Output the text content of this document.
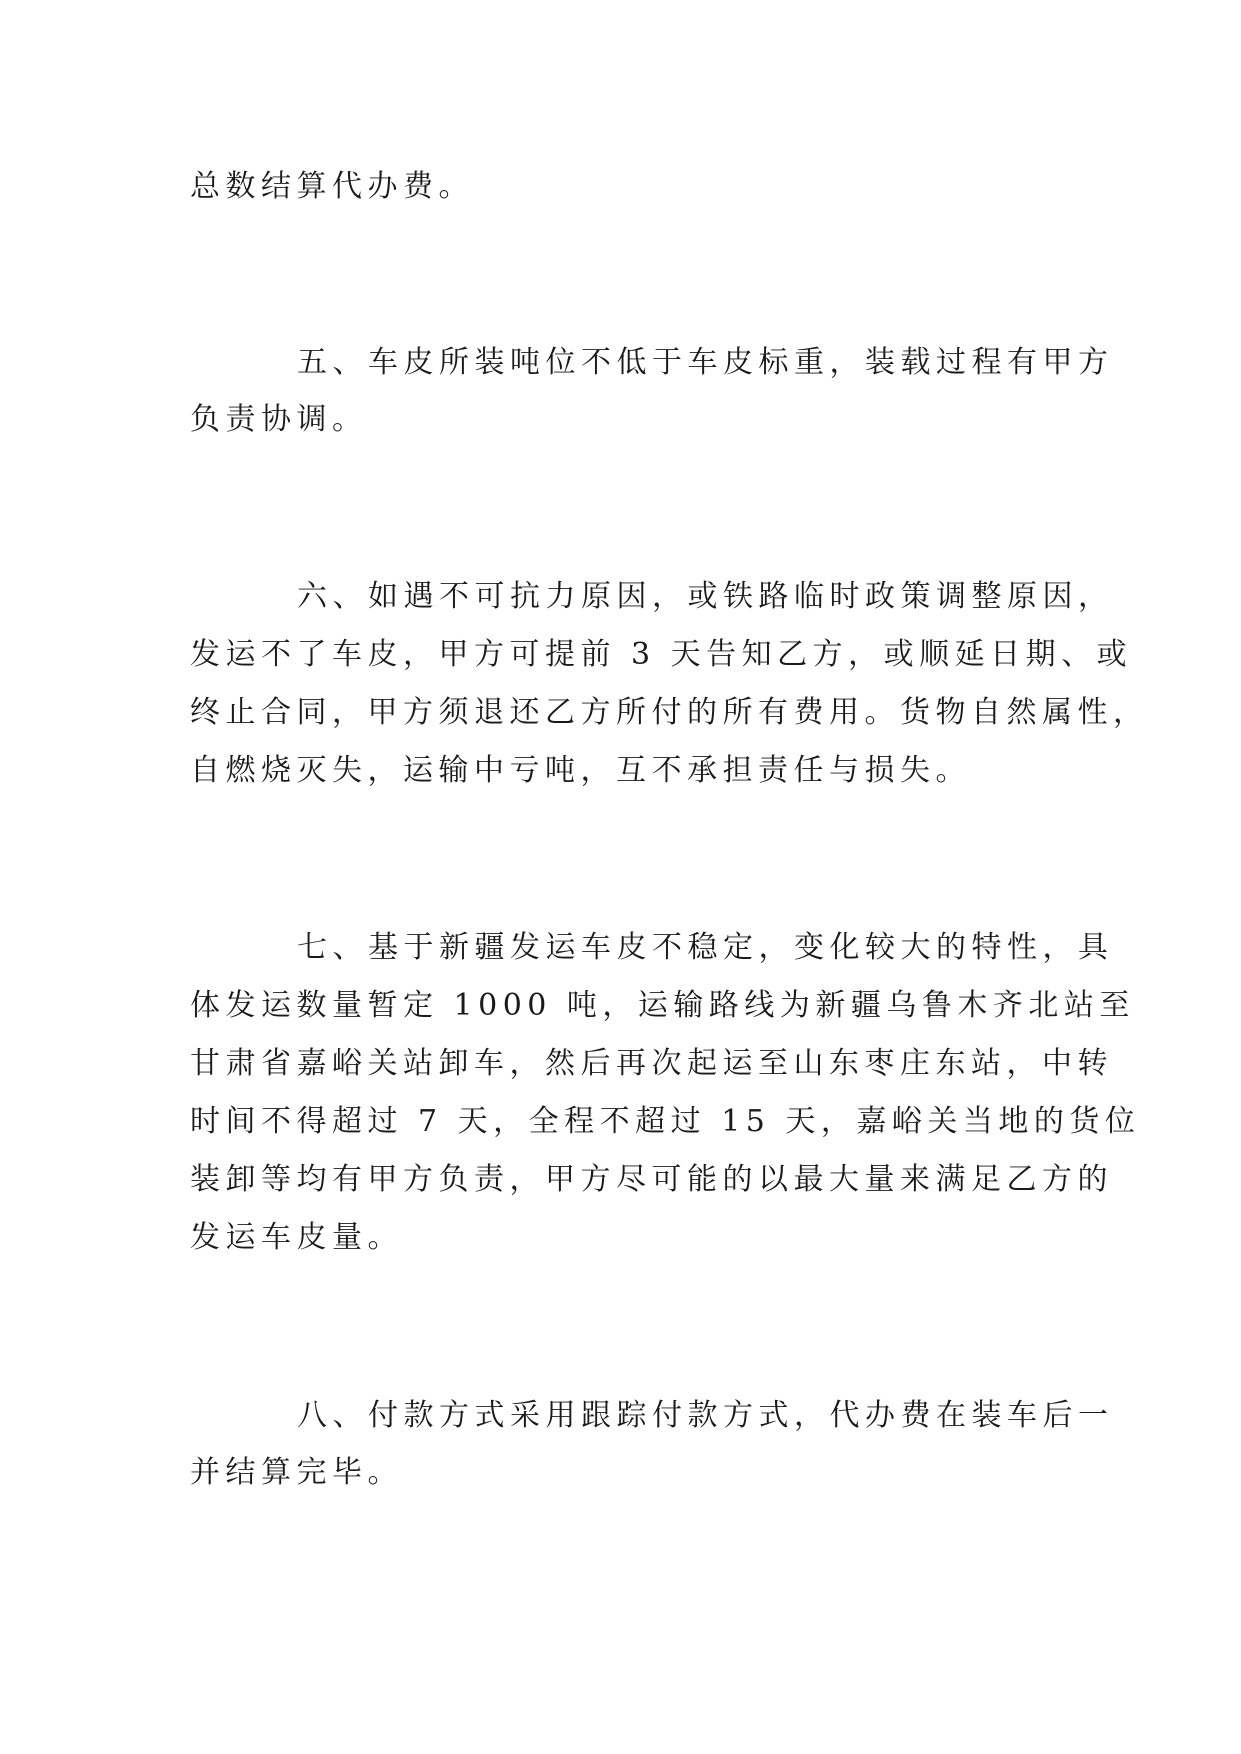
总数结算代办费。
五、车皮所装吨位不低于车皮标重，装载过程有甲方
负责协调。
六、如遇不可抗力原因，或铁路临时政策调整原因，
发运不了车皮，甲方可提前 3 天告知乙方，或顺延日期、或
终止合同，甲方须退还乙方所付的所有费用。货物自然属性，
自燃烧灭失，运输中亏吨，互不承担责任与损失。
七、基于新疆发运车皮不稳定，变化较大的特性，具
体发运数量暂定 1000 吨，运输路线为新疆乌鲁木齐北站至
甘肃省嘉峪关站卸车，然后再次起运至山东枣庄东站，中转
时间不得超过 7 天，全程不超过 15 天，嘉峪关当地的货位
装卸等均有甲方负责，甲方尽可能的以最大量来满足乙方的
发运车皮量。
八、付款方式采用跟踪付款方式，代办费在装车后一
并结算完毕。
